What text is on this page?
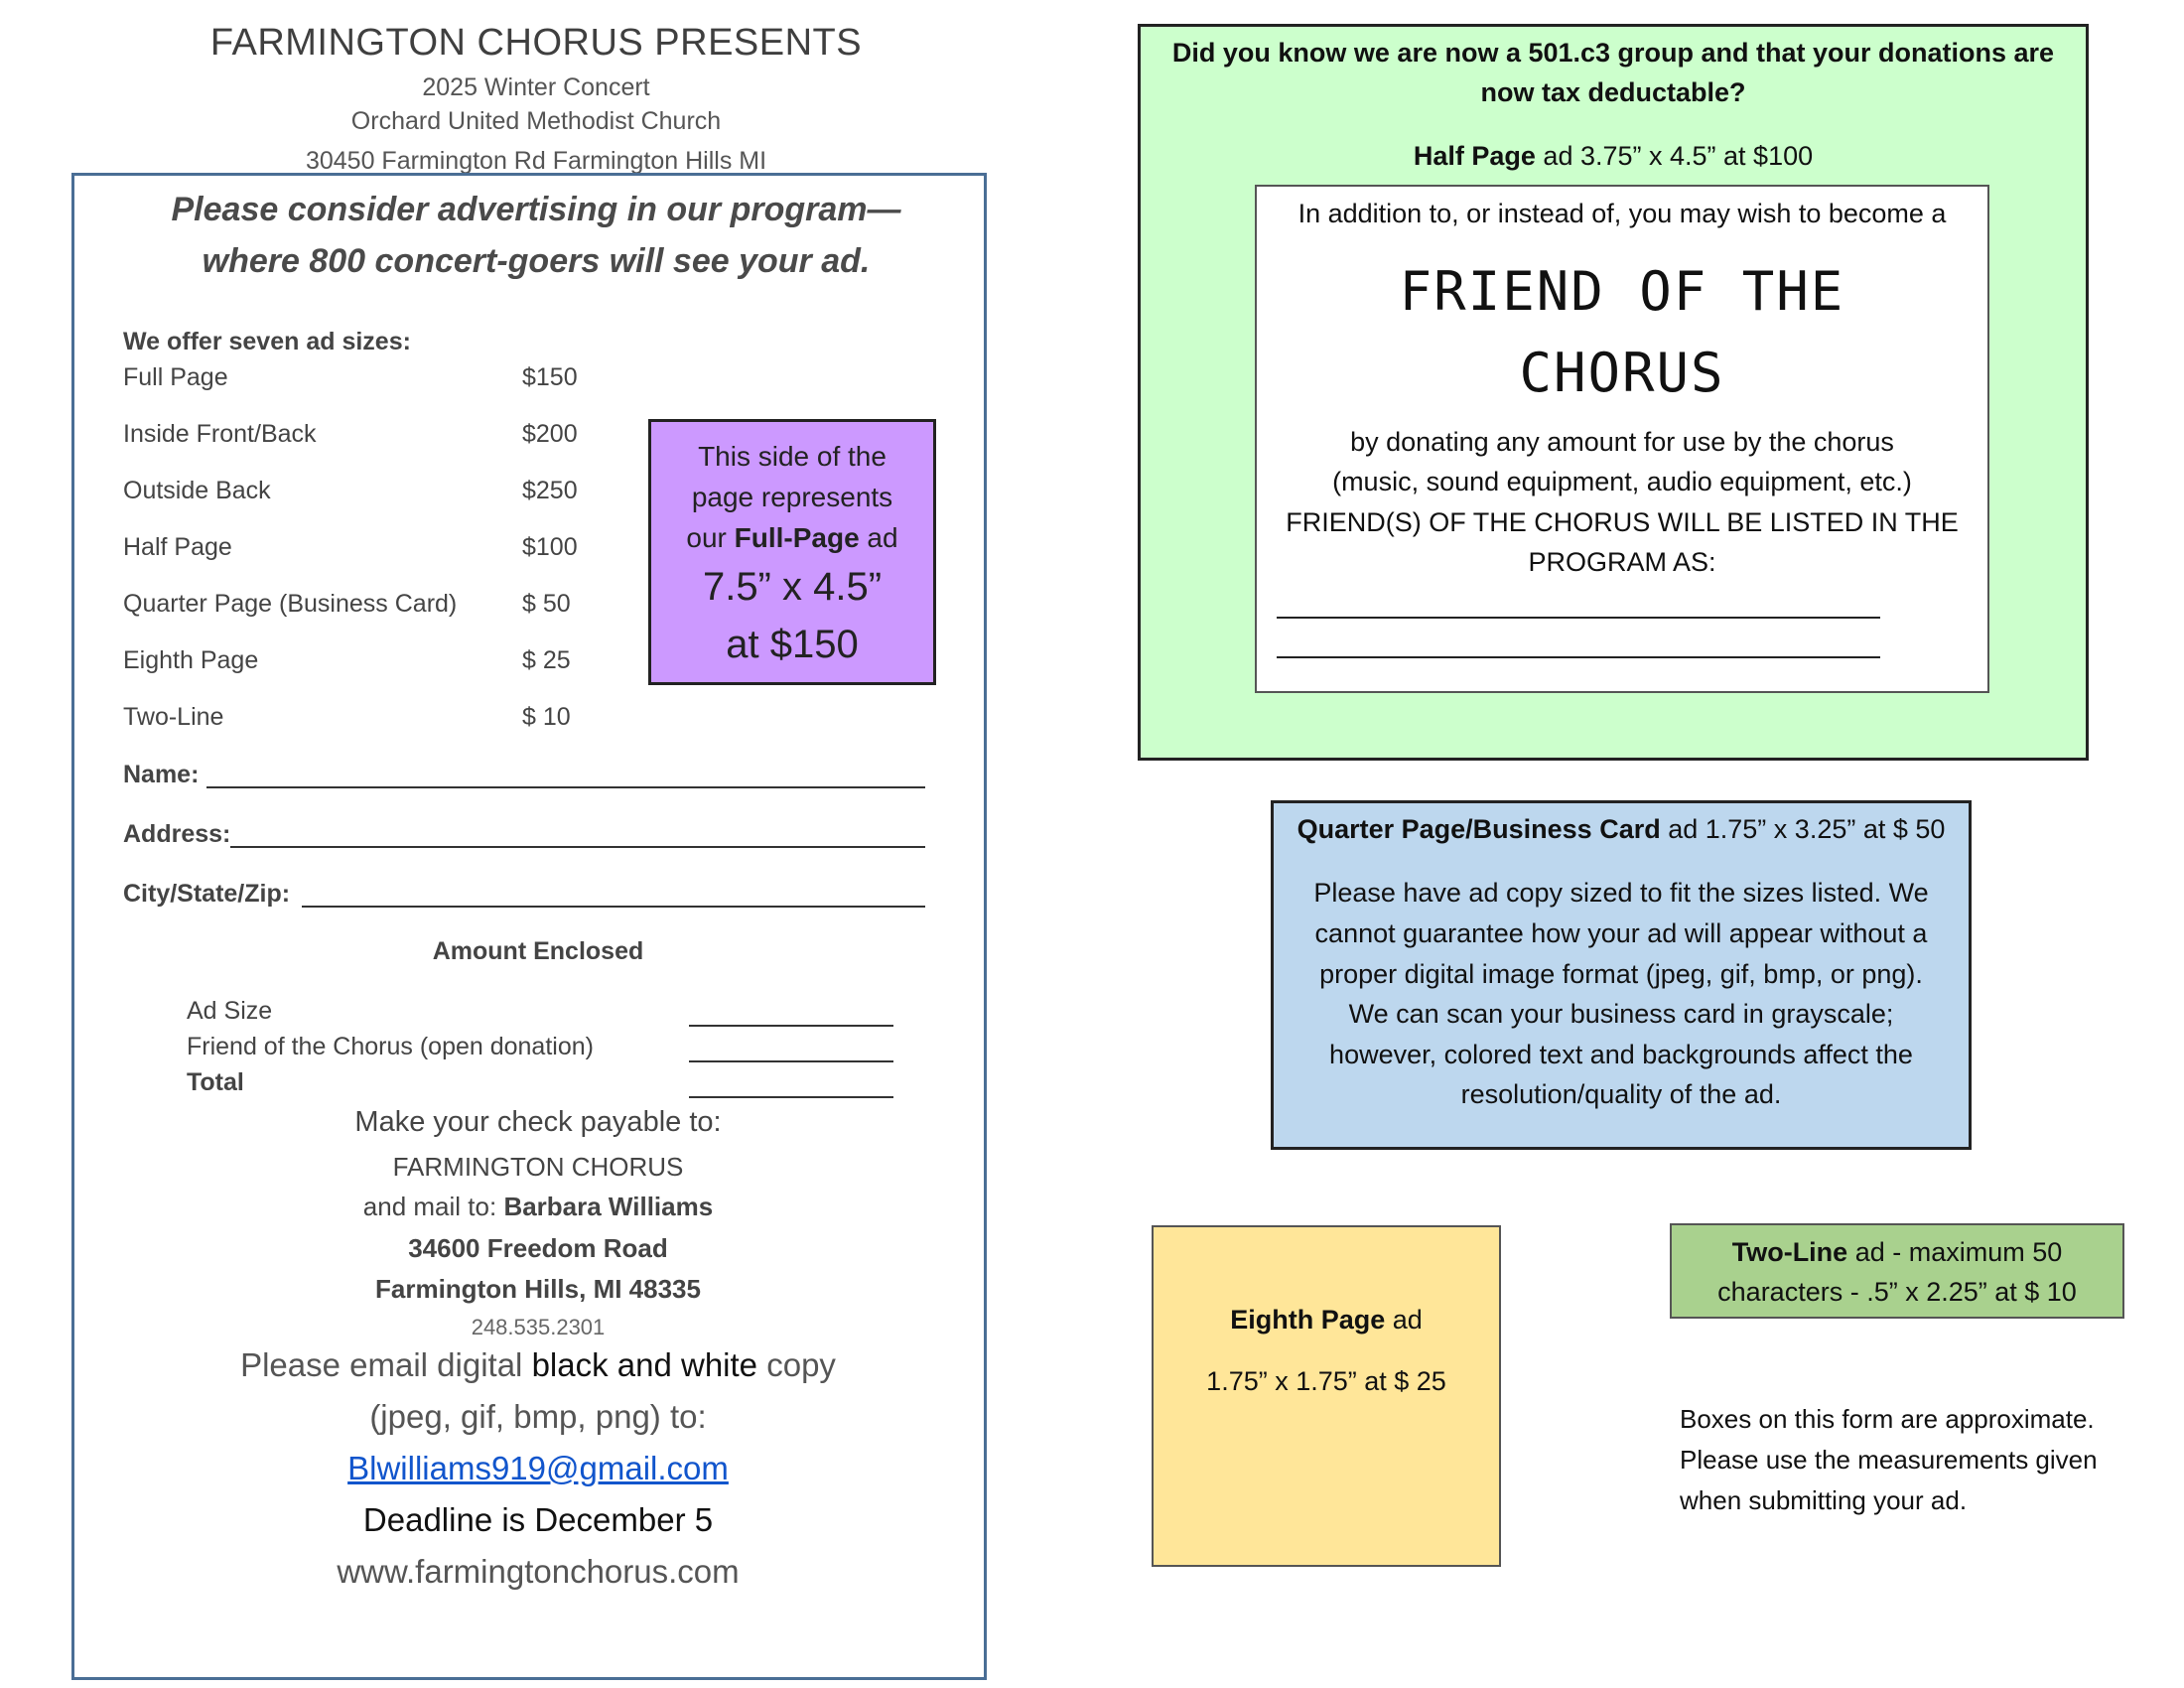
FARMINGTON CHORUS PRESENTS
2025 Winter Concert
Orchard United Methodist Church
30450 Farmington Rd Farmington Hills MI
Please consider advertising in our program—
where 800 concert-goers will see your ad.
We offer seven ad sizes:
Full Page	$150
Inside Front/Back	$200
Outside Back	$250
Half Page	$100
Quarter Page (Business Card)	$ 50
Eighth Page	$ 25
Two-Line	$ 10
This side of the
page represents
our Full-Page ad
7.5” x 4.5”
at $150
Name:
Address:
City/State/Zip:
Amount Enclosed
Ad Size
Friend of the Chorus (open donation)
Total
Make your check payable to:
FARMINGTON CHORUS
and mail to: Barbara Williams
34600 Freedom Road
Farmington Hills, MI 48335
248.535.2301
Please email digital black and white copy
(jpeg, gif, bmp, png) to:
Blwilliams919@gmail.com
Deadline is December 5
www.farmingtonchorus.com
Did you know we are now a 501.c3 group and that your donations are
now tax deductable?
Half Page ad 3.75” x 4.5” at $100
In addition to, or instead of, you may wish to become a
FRIEND OF THE
CHORUS
by donating any amount for use by the chorus
(music, sound equipment, audio equipment, etc.)
FRIEND(S) OF THE CHORUS WILL BE LISTED IN THE
PROGRAM AS:
Quarter Page/Business Card ad 1.75” x 3.25” at $ 50
Please have ad copy sized to fit the sizes listed. We
cannot guarantee how your ad will appear without a
proper digital image format (jpeg, gif, bmp, or png).
We can scan your business card in grayscale;
however, colored text and backgrounds affect the
resolution/quality of the ad.
Eighth Page ad
1.75” x 1.75” at $ 25
Two-Line ad - maximum 50
characters - .5” x 2.25” at $ 10
Boxes on this form are approximate.
Please use the measurements given
when submitting your ad.
